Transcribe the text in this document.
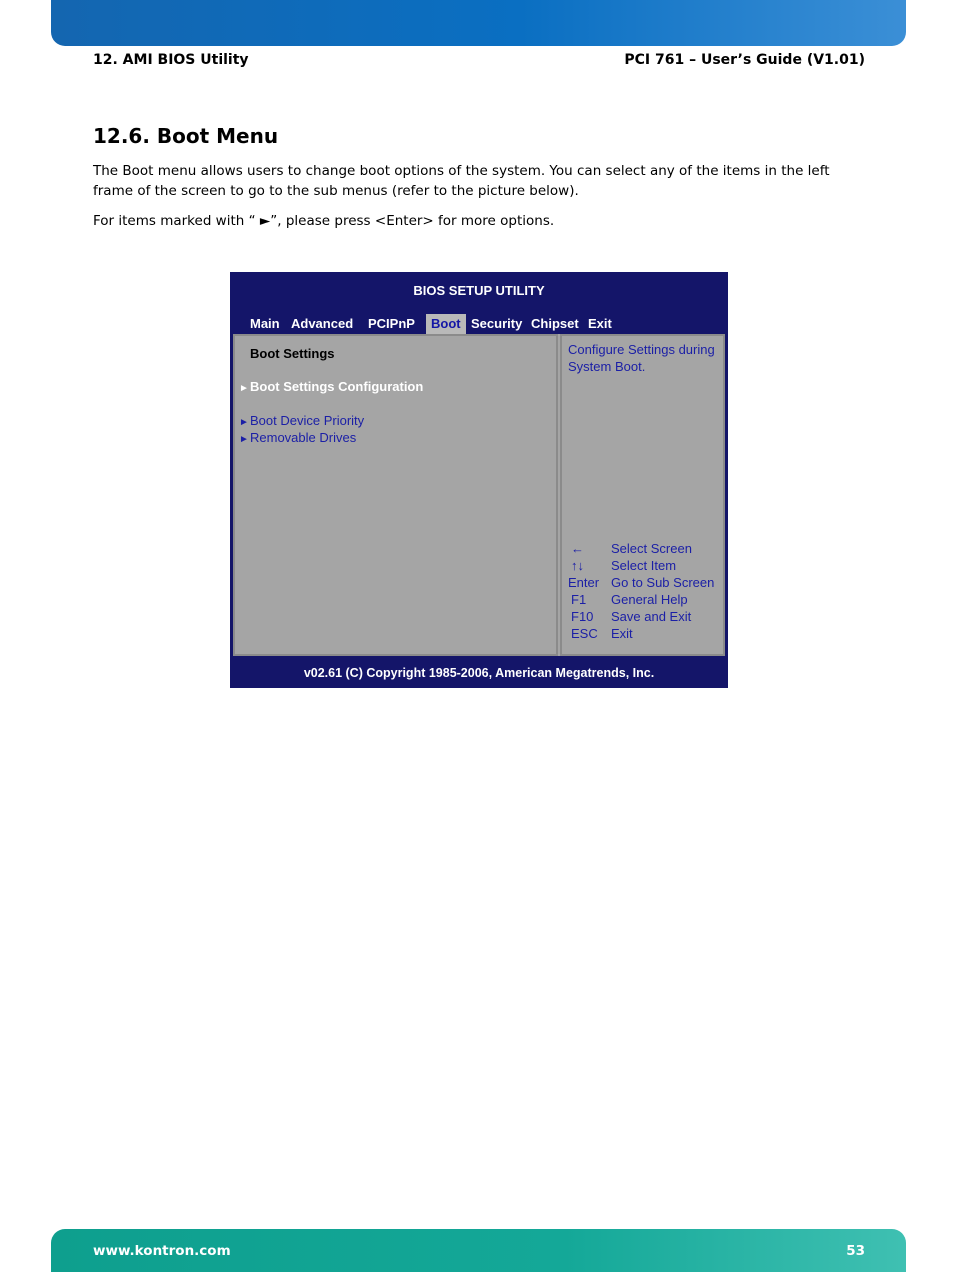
12. AMI BIOS Utility	PCI 761 – User’s Guide (V1.01)
12.6. Boot Menu

The Boot menu allows users to change boot options of the system. You can select any of the items in the left frame of the screen to go to the sub menus (refer to the picture below).

For items marked with “ ►”, please press <Enter> for more options.

BIOS SETUP UTILITY
Main Advanced	PCIPnP	Boot Security Chipset Exit
Boot Settings
►Boot Settings Configuration
►Boot Device Priority
►Removable Drives
Configure Settings during System Boot.
← Select Screen
↑↓ Select Item
Enter Go to Sub Screen
F1 General Help
F10 Save and Exit
ESC Exit
v02.61 (C) Copyright 1985-2006, American Megatrends, Inc.
www.kontron.com	53
